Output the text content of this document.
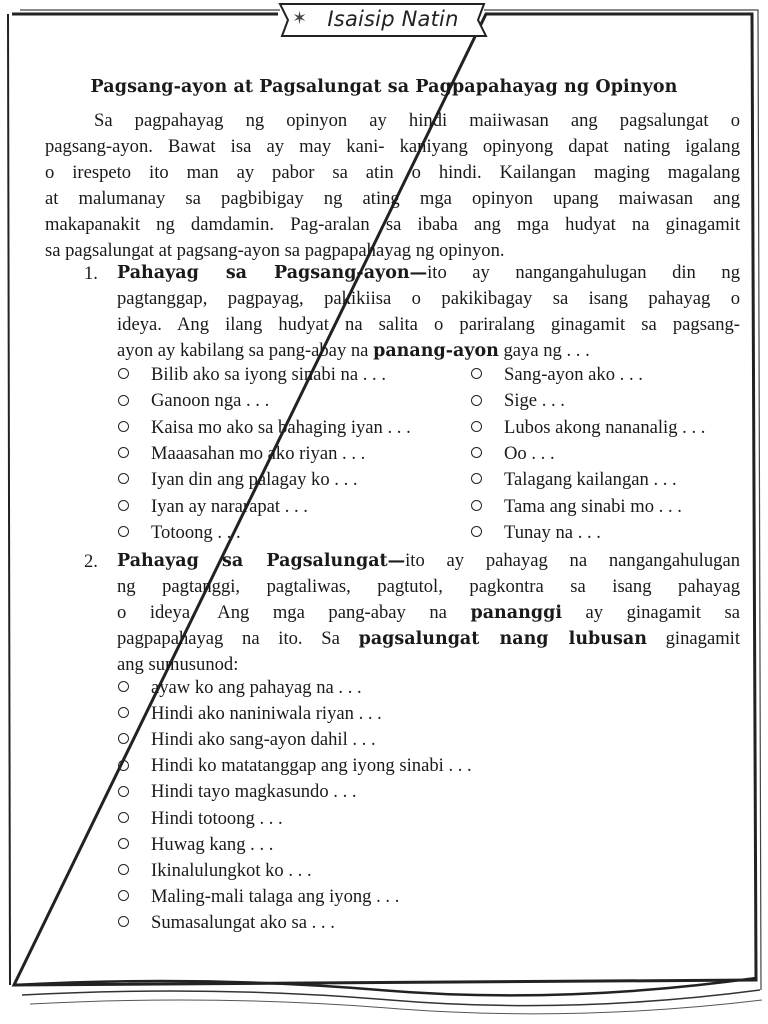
✶ Isaisip Natin
Pagsang-ayon at Pagsalungat sa Pagpapahayag ng Opinyon
Sa pagpahayag ng opinyon ay hindi maiiwasan ang pagsalungat o
pagsang-ayon. Bawat isa ay may kani- kaniyang opinyong dapat nating igalang
o irespeto ito man ay pabor sa atin o hindi. Kailangan maging magalang
at malumanay sa pagbibigay ng ating mga opinyon upang maiwasan ang
makapanakit ng damdamin. Pag-aralan sa ibaba ang mga hudyat na ginagamit
sa pagsalungat at pagsang-ayon sa pagpapahayag ng opinyon.
1. Pahayag sa Pagsang-ayon—ito ay nangangahulugan din ng
pagtanggap, pagpayag, pakikiisa o pakikibagay sa isang pahayag o
ideya. Ang ilang hudyat na salita o pariralang ginagamit sa pagsang-
ayon ay kabilang sa pang-abay na panang-ayon gaya ng . . .
Bilib ako sa iyong sinabi na . . .
Ganoon nga . . .
Kaisa mo ako sa bahaging iyan . . .
Maaasahan mo ako riyan . . .
Iyan din ang palagay ko . . .
Iyan ay nararapat . . .
Totoong . . .
Sang-ayon ako . . .
Sige . . .
Lubos akong nananalig . . .
Oo . . .
Talagang kailangan . . .
Tama ang sinabi mo . . .
Tunay na . . .
2. Pahayag sa Pagsalungat—ito ay pahayag na nangangahulugan
ng pagtanggi, pagtaliwas, pagtutol, pagkontra sa isang pahayag
o ideya. Ang mga pang-abay na pananggi ay ginagamit sa
pagpapahayag na ito. Sa pagsalungat nang lubusan ginagamit
ang sumusunod:
ayaw ko ang pahayag na . . .
Hindi ako naniniwala riyan . . .
Hindi ako sang-ayon dahil . . .
Hindi ko matatanggap ang iyong sinabi . . .
Hindi tayo magkasundo . . .
Hindi totoong . . .
Huwag kang . . .
Ikinalulungkot ko . . .
Maling-mali talaga ang iyong . . .
Sumasalungat ako sa . . .
